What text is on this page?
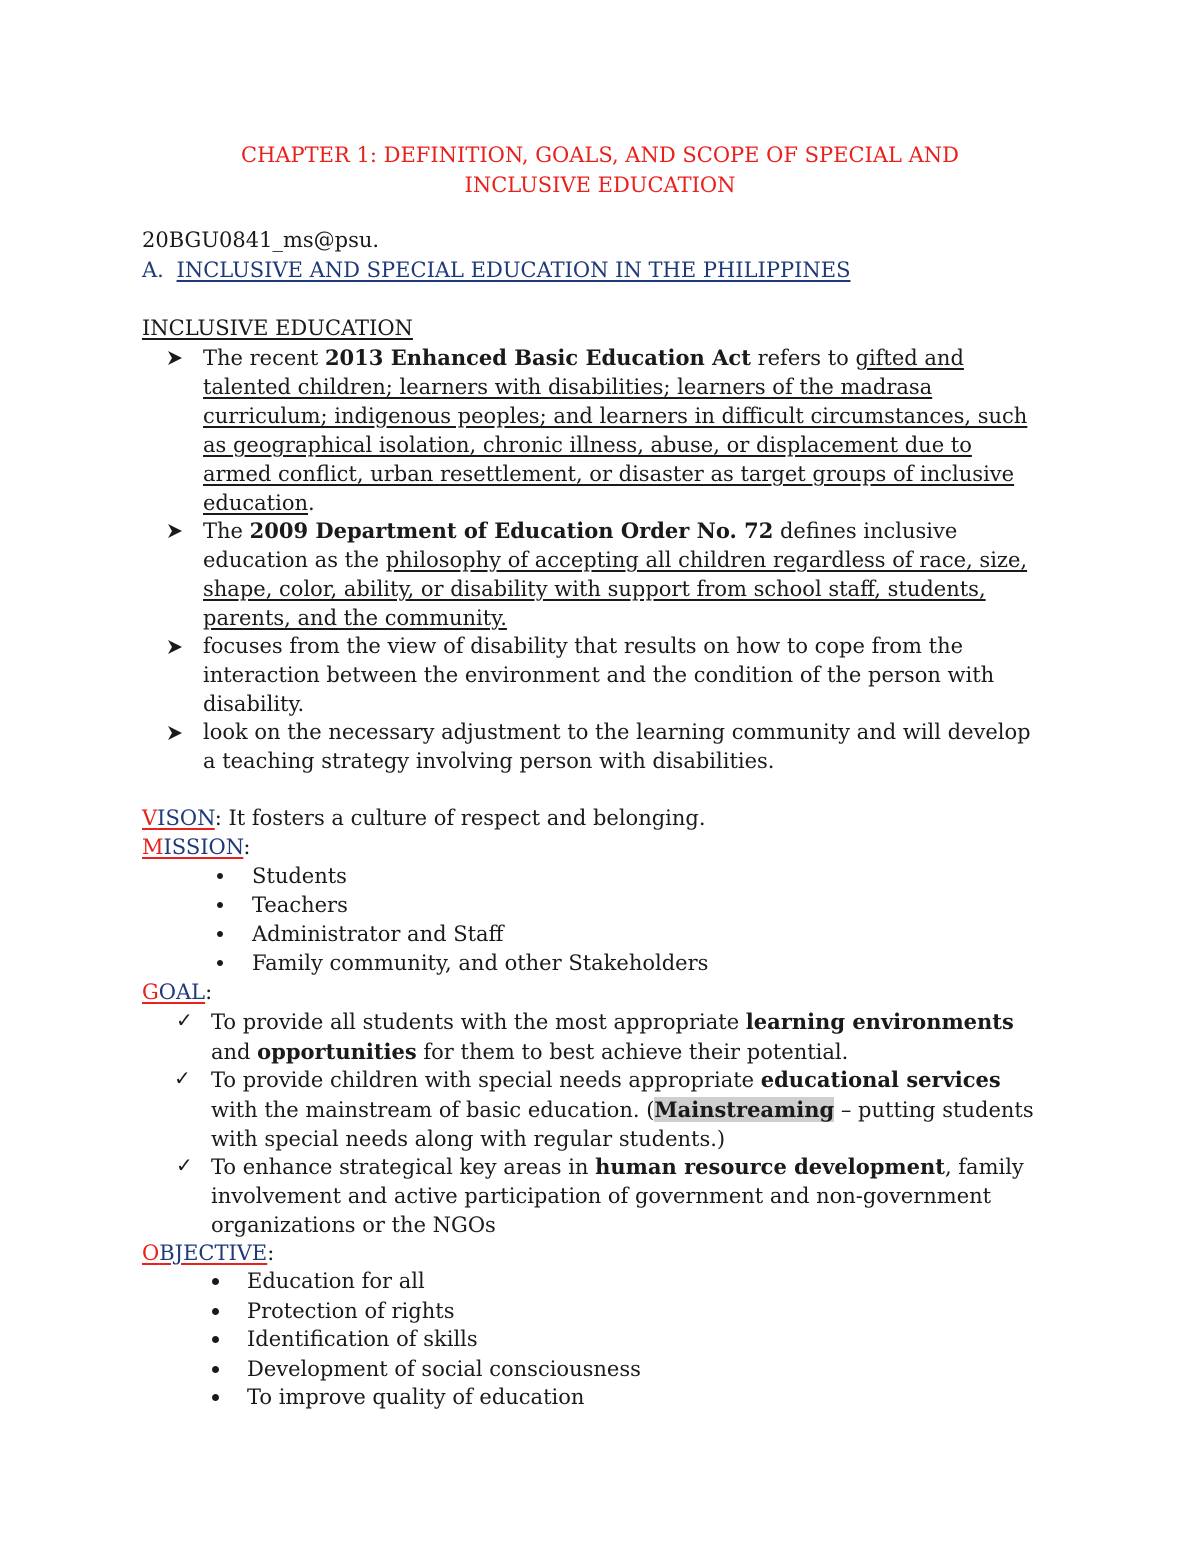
CHAPTER 1: DEFINITION, GOALS, AND SCOPE OF SPECIAL AND
INCLUSIVE EDUCATION
20BGU0841_ms@psu.
A. INCLUSIVE AND SPECIAL EDUCATION IN THE PHILIPPINES
INCLUSIVE EDUCATION
The recent 2013 Enhanced Basic Education Act refers to gifted and
talented children; learners with disabilities; learners of the madrasa
curriculum; indigenous peoples; and learners in difficult circumstances, such
as geographical isolation, chronic illness, abuse, or displacement due to
armed conflict, urban resettlement, or disaster as target groups of inclusive
education.
The 2009 Department of Education Order No. 72 defines inclusive
education as the philosophy of accepting all children regardless of race, size,
shape, color, ability, or disability with support from school staff, students,
parents, and the community.
focuses from the view of disability that results on how to cope from the
interaction between the environment and the condition of the person with
disability.
look on the necessary adjustment to the learning community and will develop
a teaching strategy involving person with disabilities.
VISON: It fosters a culture of respect and belonging.
MISSION:
Students
Teachers
Administrator and Staff
Family community, and other Stakeholders
GOAL:
✓ To provide all students with the most appropriate learning environments
and opportunities for them to best achieve their potential.
✓ To provide children with special needs appropriate educational services
with the mainstream of basic education. (Mainstreaming – putting students
with special needs along with regular students.)
✓ To enhance strategical key areas in human resource development, family
involvement and active participation of government and non-government
organizations or the NGOs
OBJECTIVE:
Education for all
Protection of rights
Identification of skills
Development of social consciousness
To improve quality of education
